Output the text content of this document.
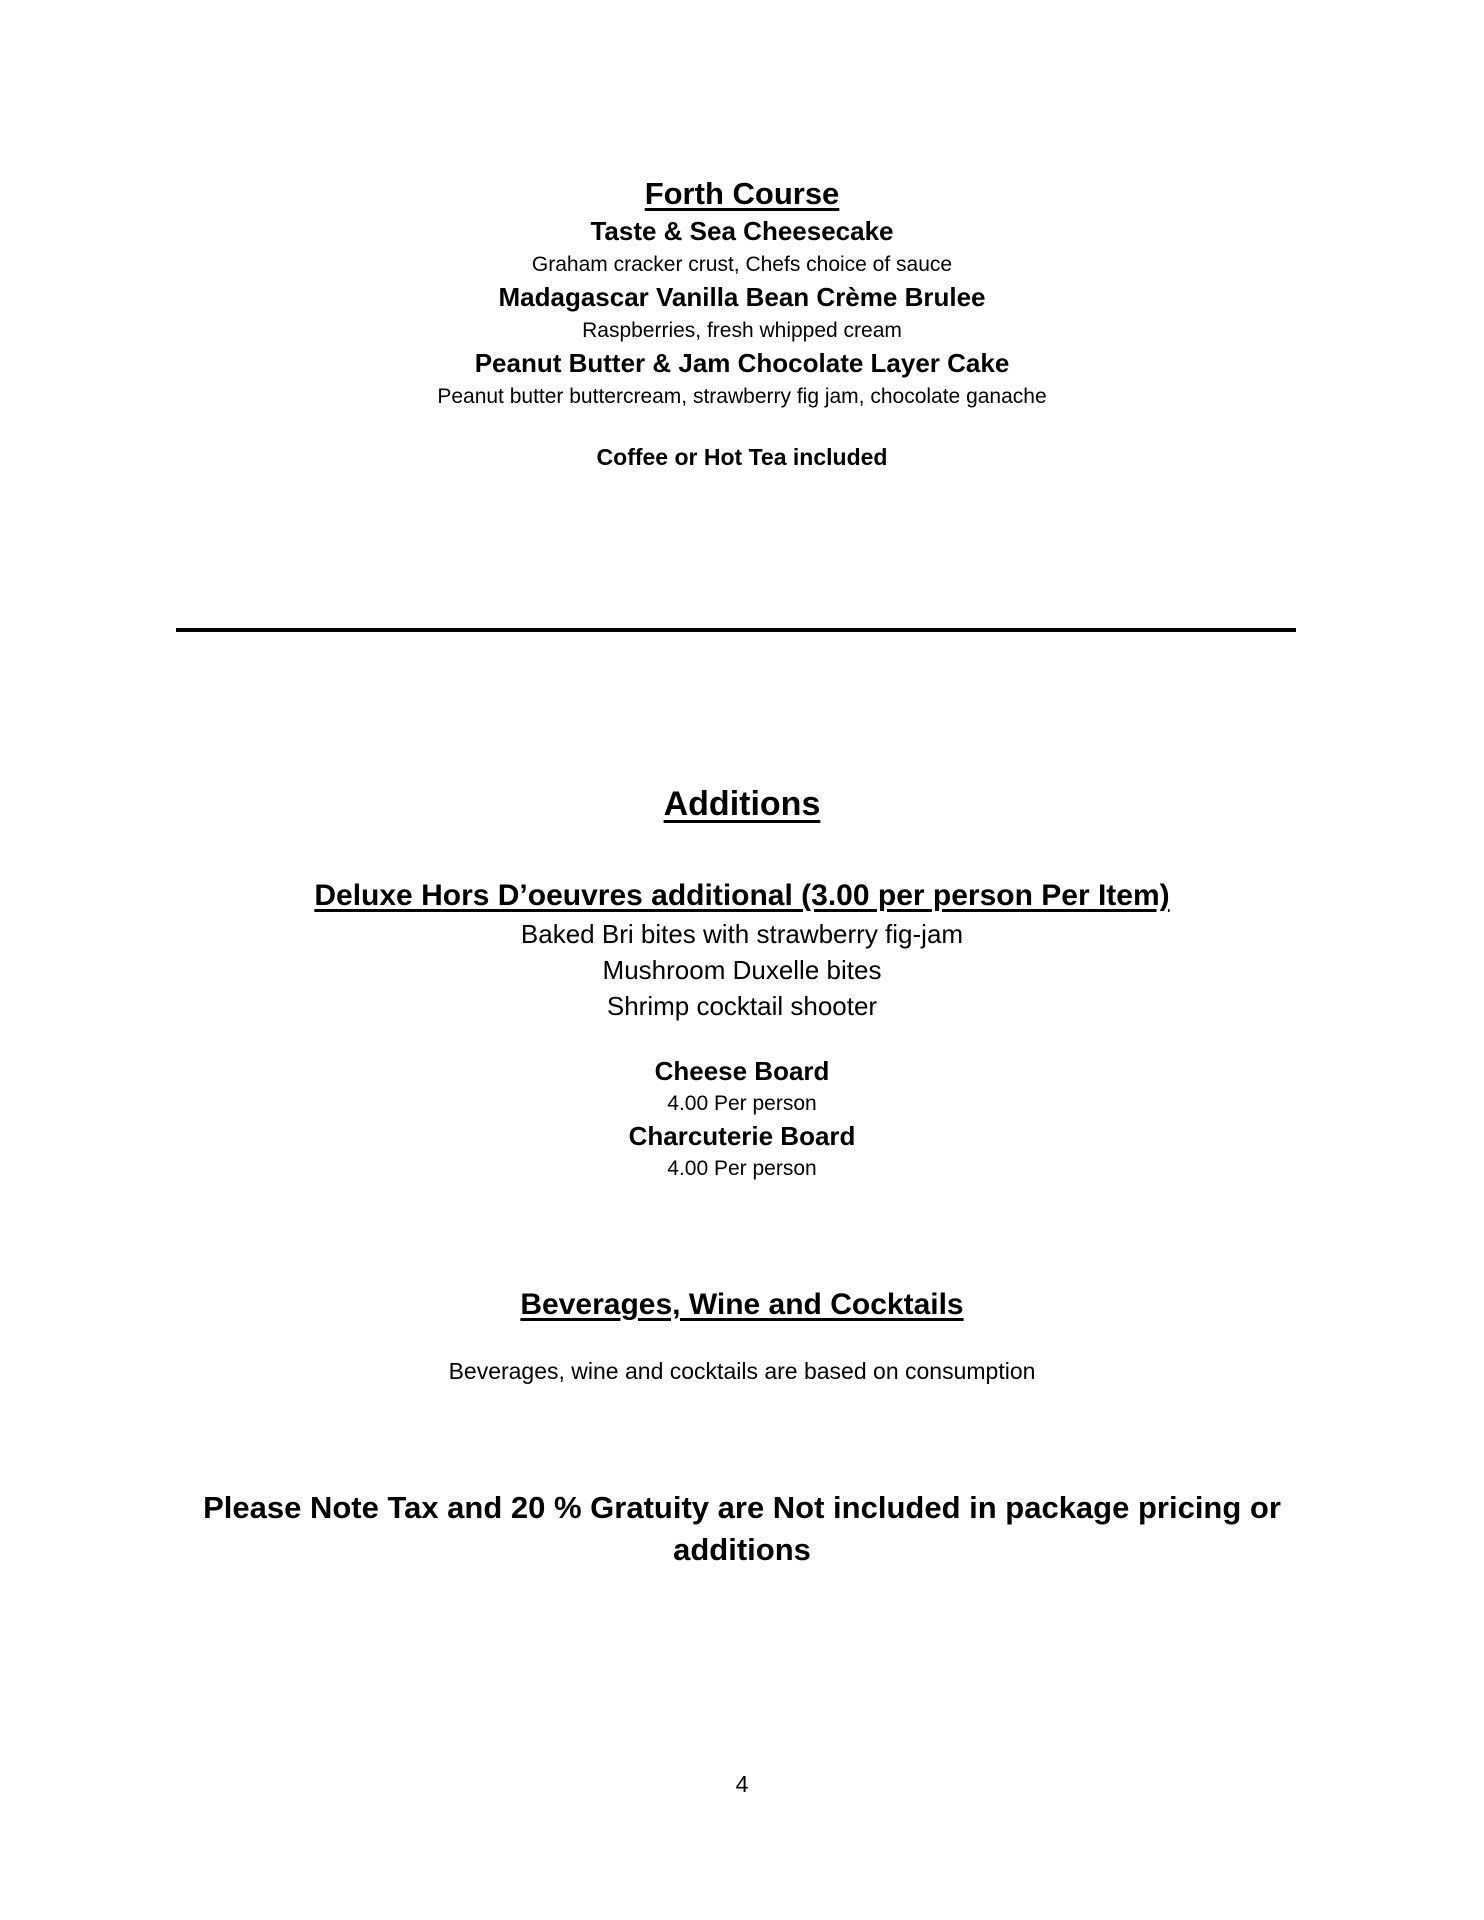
Forth Course
Taste & Sea Cheesecake
Graham cracker crust, Chefs choice of sauce
Madagascar Vanilla Bean Crème Brulee
Raspberries, fresh whipped cream
Peanut Butter & Jam Chocolate Layer Cake
Peanut butter buttercream, strawberry fig jam, chocolate ganache
Coffee or Hot Tea included
Additions
Deluxe Hors D’oeuvres additional (3.00 per person Per Item)
Baked Bri bites with strawberry fig-jam
Mushroom Duxelle bites
Shrimp cocktail shooter
Cheese Board
4.00 Per person
Charcuterie Board
4.00 Per person
Beverages, Wine and Cocktails
Beverages, wine and cocktails are based on consumption
Please Note Tax and 20 % Gratuity are Not included in package pricing or additions
4
